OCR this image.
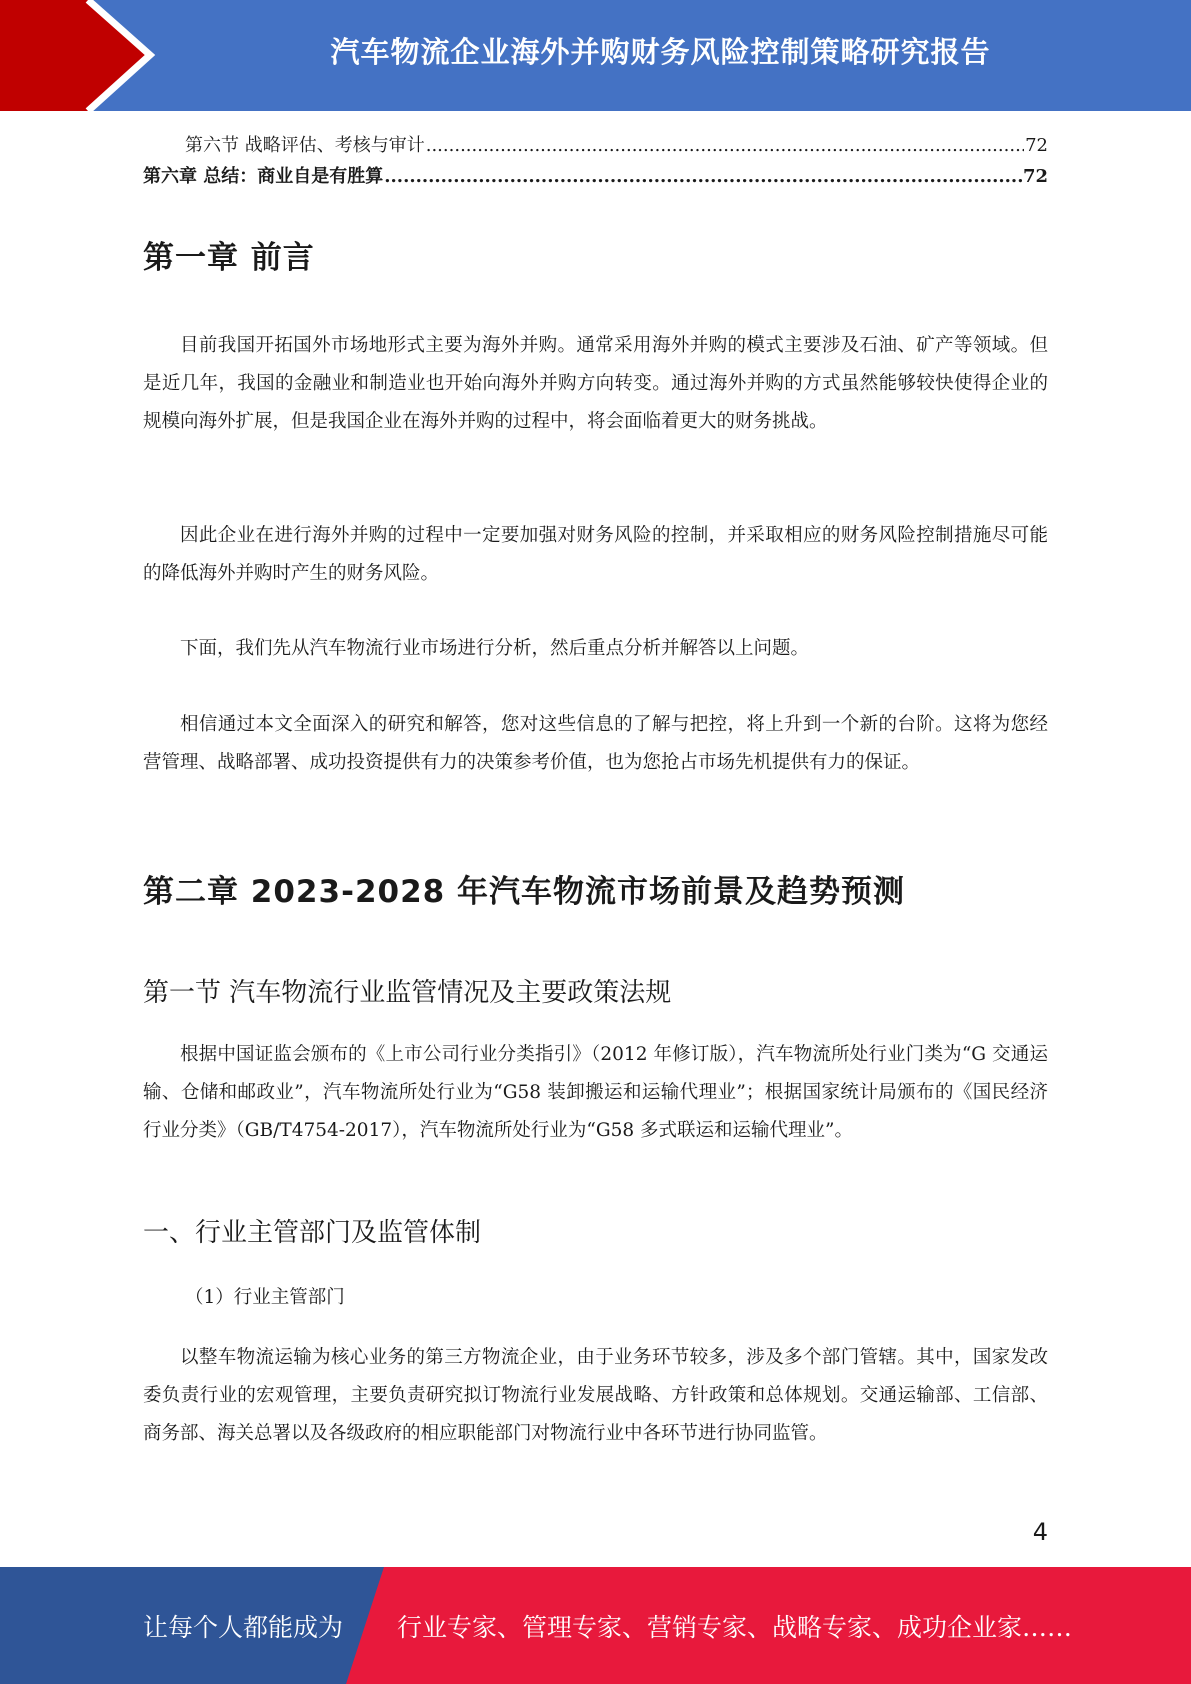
汽车物流企业海外并购财务风险控制策略研究报告
第六节 战略评估、考核与审计 .....	72
第六章 总结：商业自是有胜算 .....	72
第一章 前言

目前我国开拓国外市场地形式主要为海外并购。通常采用海外并购的模式主要涉及石油、矿产等领域。但是近几年，我国的金融业和制造业也开始向海外并购方向转变。通过海外并购的方式虽然能够较快使得企业的规模向海外扩展，但是我国企业在海外并购的过程中，将会面临着更大的财务挑战。

因此企业在进行海外并购的过程中一定要加强对财务风险的控制，并采取相应的财务风险控制措施尽可能的降低海外并购时产生的财务风险。

下面，我们先从汽车物流行业市场进行分析，然后重点分析并解答以上问题。

相信通过本文全面深入的研究和解答，您对这些信息的了解与把控，将上升到一个新的台阶。这将为您经营管理、战略部署、成功投资提供有力的决策参考价值，也为您抢占市场先机提供有力的保证。

第二章 2023-2028 年汽车物流市场前景及趋势预测
第一节 汽车物流行业监管情况及主要政策法规

根据中国证监会颁布的《上市公司行业分类指引》（2012 年修订版），汽车物流所处行业门类为“G 交通运输、仓储和邮政业”，汽车物流所处行业为“G58 装卸搬运和运输代理业”；根据国家统计局颁布的《国民经济行业分类》（GB/T4754-2017），汽车物流所处行业为“G58 多式联运和运输代理业”。

一、行业主管部门及监管体制
（1）行业主管部门

以整车物流运输为核心业务的第三方物流企业，由于业务环节较多，涉及多个部门管辖。其中，国家发改委负责行业的宏观管理，主要负责研究拟订物流行业发展战略、方针政策和总体规划。交通运输部、工信部、商务部、海关总署以及各级政府的相应职能部门对物流行业中各环节进行协同监管。

4
让每个人都能成为 行业专家、管理专家、营销专家、战略专家、成功企业家……
